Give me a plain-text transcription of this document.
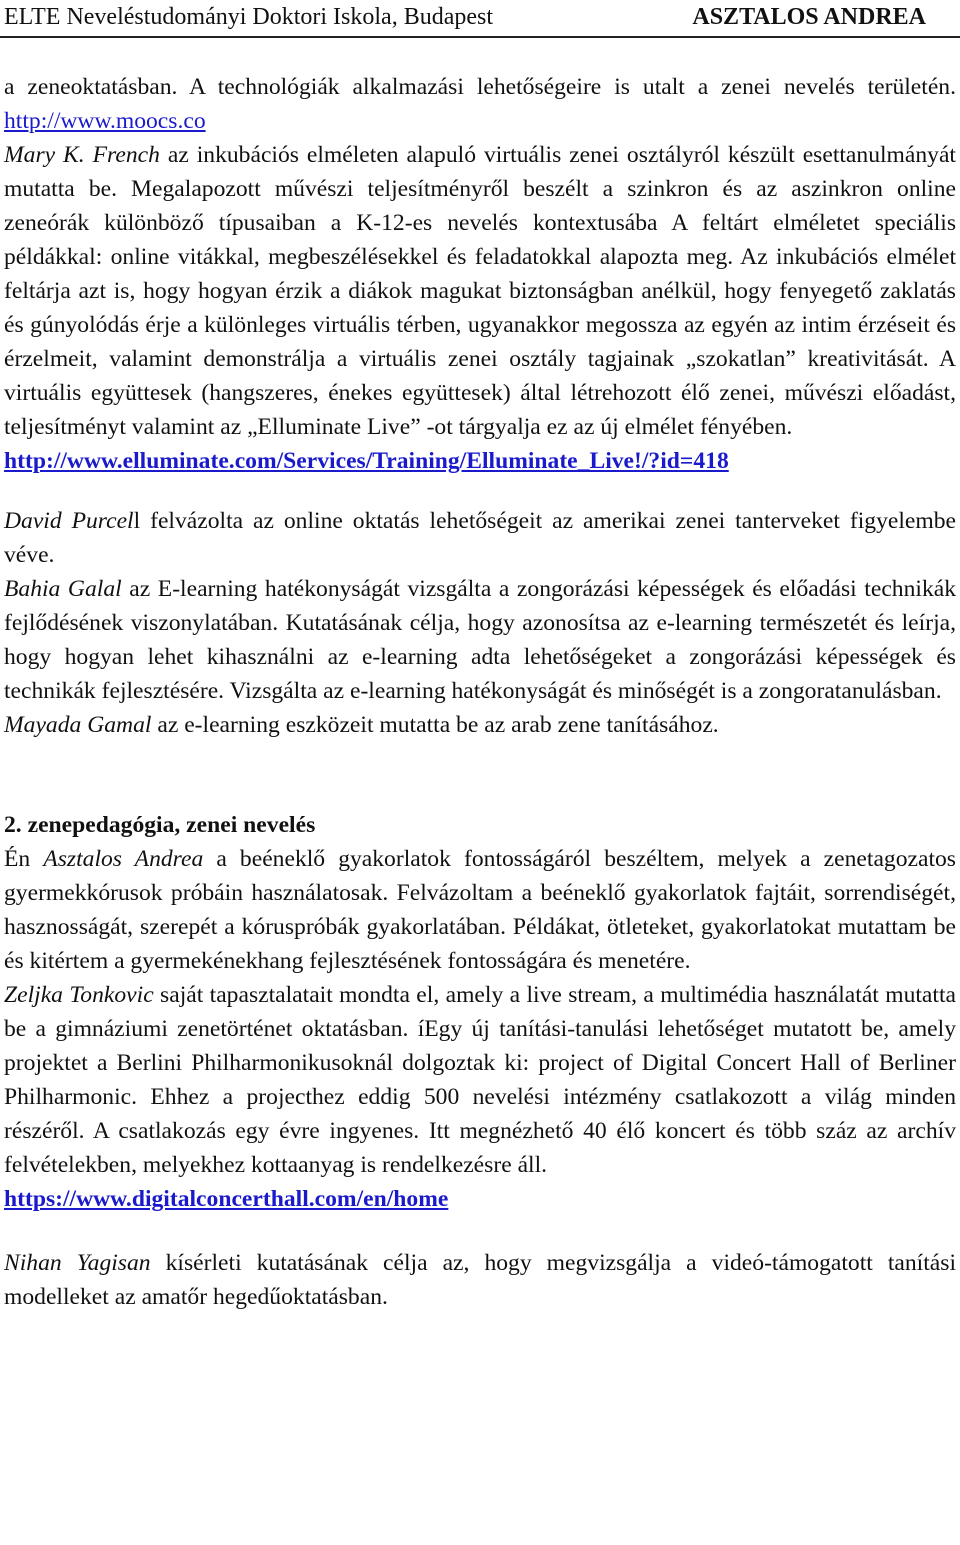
ELTE Neveléstudományi Doktori Iskola, Budapest	ASZTALOS ANDREA

a zeneoktatásban. A technológiák alkalmazási lehetőségeire is utalt a zenei nevelés területén. http://www.moocs.co

Mary K. French az inkubációs elméleten alapuló virtuális zenei osztályról készült esettanulmányát mutatta be. Megalapozott művészi teljesítményről beszélt a szinkron és az aszinkron online zeneórák különböző típusaiban a K-12-es nevelés kontextusába A feltárt elméletet speciális példákkal: online vitákkal, megbeszélésekkel és feladatokkal alapozta meg. Az inkubációs elmélet feltárja azt is, hogy hogyan érzik a diákok magukat biztonságban anélkül, hogy fenyegető zaklatás és gúnyolódás érje a különleges virtuális térben, ugyanakkor megossza az egyén az intim érzéseit és érzelmeit, valamint demonstrálja a virtuális zenei osztály tagjainak „szokatlan” kreativitását. A virtuális együttesek (hangszeres, énekes együttesek) által létrehozott élő zenei, művészi előadást, teljesítményt valamint az „Elluminate Live” -ot tárgyalja ez az új elmélet fényében.

http://www.elluminate.com/Services/Training/Elluminate_Live!/?id=418

David Purcell felvázolta az online oktatás lehetőségeit az amerikai zenei tanterveket figyelembe véve.

Bahia Galal az E-learning hatékonyságát vizsgálta a zongorázási képességek és előadási technikák fejlődésének viszonylatában. Kutatásának célja, hogy azonosítsa az e-learning természetét és leírja, hogy hogyan lehet kihasználni az e-learning adta lehetőségeket a zongorázási képességek és technikák fejlesztésére. Vizsgálta az e-learning hatékonyságát és minőségét is a zongoratanulásban.

Mayada Gamal az e-learning eszközeit mutatta be az arab zene tanításához.

2. zenepedagógia, zenei nevelés

Én Asztalos Andrea a beéneklő gyakorlatok fontosságáról beszéltem, melyek a zenetagozatos gyermekkórusok próbáin használatosak. Felvázoltam a beéneklő gyakorlatok fajtáit, sorrendiségét, hasznosságát, szerepét a kóruspróbák gyakorlatában. Példákat, ötleteket, gyakorlatokat mutattam be és kitértem a gyermekénekhang fejlesztésének fontosságára és menetére.

Zeljka Tonkovic saját tapasztalatait mondta el, amely a live stream, a multimédia használatát mutatta be a gimnáziumi zenetörténet oktatásban. íEgy új tanítási-tanulási lehetőséget mutatott be, amely projektet a Berlini Philharmonikusoknál dolgoztak ki: project of Digital Concert Hall of Berliner Philharmonic. Ehhez a projecthez eddig 500 nevelési intézmény csatlakozott a világ minden részéről. A csatlakozás egy évre ingyenes. Itt megnézhető 40 élő koncert és több száz az archív felvételekben, melyekhez kottaanyag is rendelkezésre áll.

https://www.digitalconcerthall.com/en/home

Nihan Yagisan kísérleti kutatásának célja az, hogy megvizsgálja a videó-támogatott tanítási modelleket az amatőr hegedűoktatásban.
